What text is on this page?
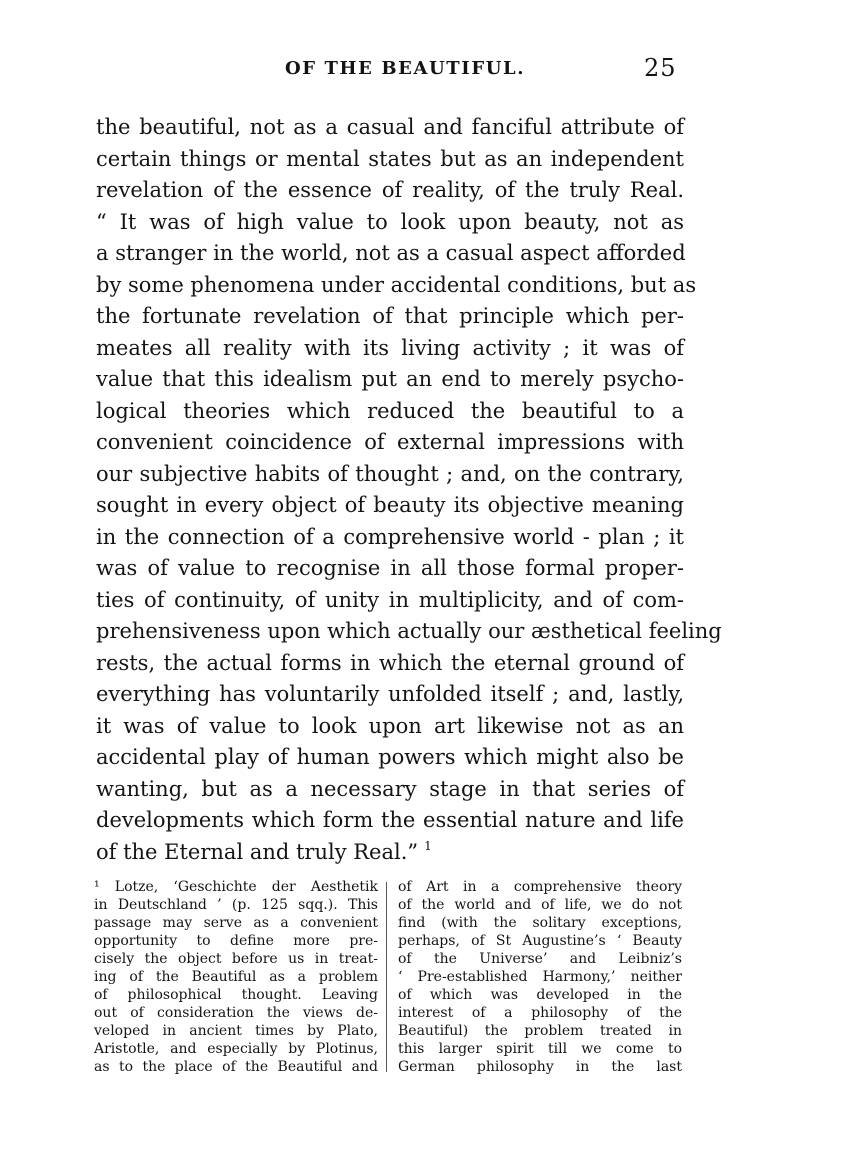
OF THE BEAUTIFUL.	25
the beautiful, not as a casual and fanciful attribute of
certain things or mental states but as an independent
revelation of the essence of reality, of the truly Real.
“ It was of high value to look upon beauty, not as
a stranger in the world, not as a casual aspect afforded
by some phenomena under accidental conditions, but as
the fortunate revelation of that principle which per-
meates all reality with its living activity ; it was of
value that this idealism put an end to merely psycho-
logical theories which reduced the beautiful to a
convenient coincidence of external impressions with
our subjective habits of thought ; and, on the contrary,
sought in every object of beauty its objective meaning
in the connection of a comprehensive world - plan ; it
was of value to recognise in all those formal proper-
ties of continuity, of unity in multiplicity, and of com-
prehensiveness upon which actually our æsthetical feeling
rests, the actual forms in which the eternal ground of
everything has voluntarily unfolded itself ; and, lastly,
it was of value to look upon art likewise not as an
accidental play of human powers which might also be
wanting, but as a necessary stage in that series of
developments which form the essential nature and life
of the Eternal and truly Real.” $^1$
¹ Lotze, ‘Geschichte der Aesthetik
in Deutschland ’ (p. 125 sqq.). This
passage may serve as a convenient
opportunity to define more pre-
cisely the object before us in treat-
ing of the Beautiful as a problem
of philosophical thought. Leaving
out of consideration the views de-
veloped in ancient times by Plato,
Aristotle, and especially by Plotinus,
as to the place of the Beautiful and
of Art in a comprehensive theory
of the world and of life, we do not
find (with the solitary exceptions,
perhaps, of St Augustine’s ‘ Beauty
of the Universe’ and Leibniz’s
‘ Pre-established Harmony,’ neither
of which was developed in the
interest of a philosophy of the
Beautiful) the problem treated in
this larger spirit till we come to
German philosophy in the last
